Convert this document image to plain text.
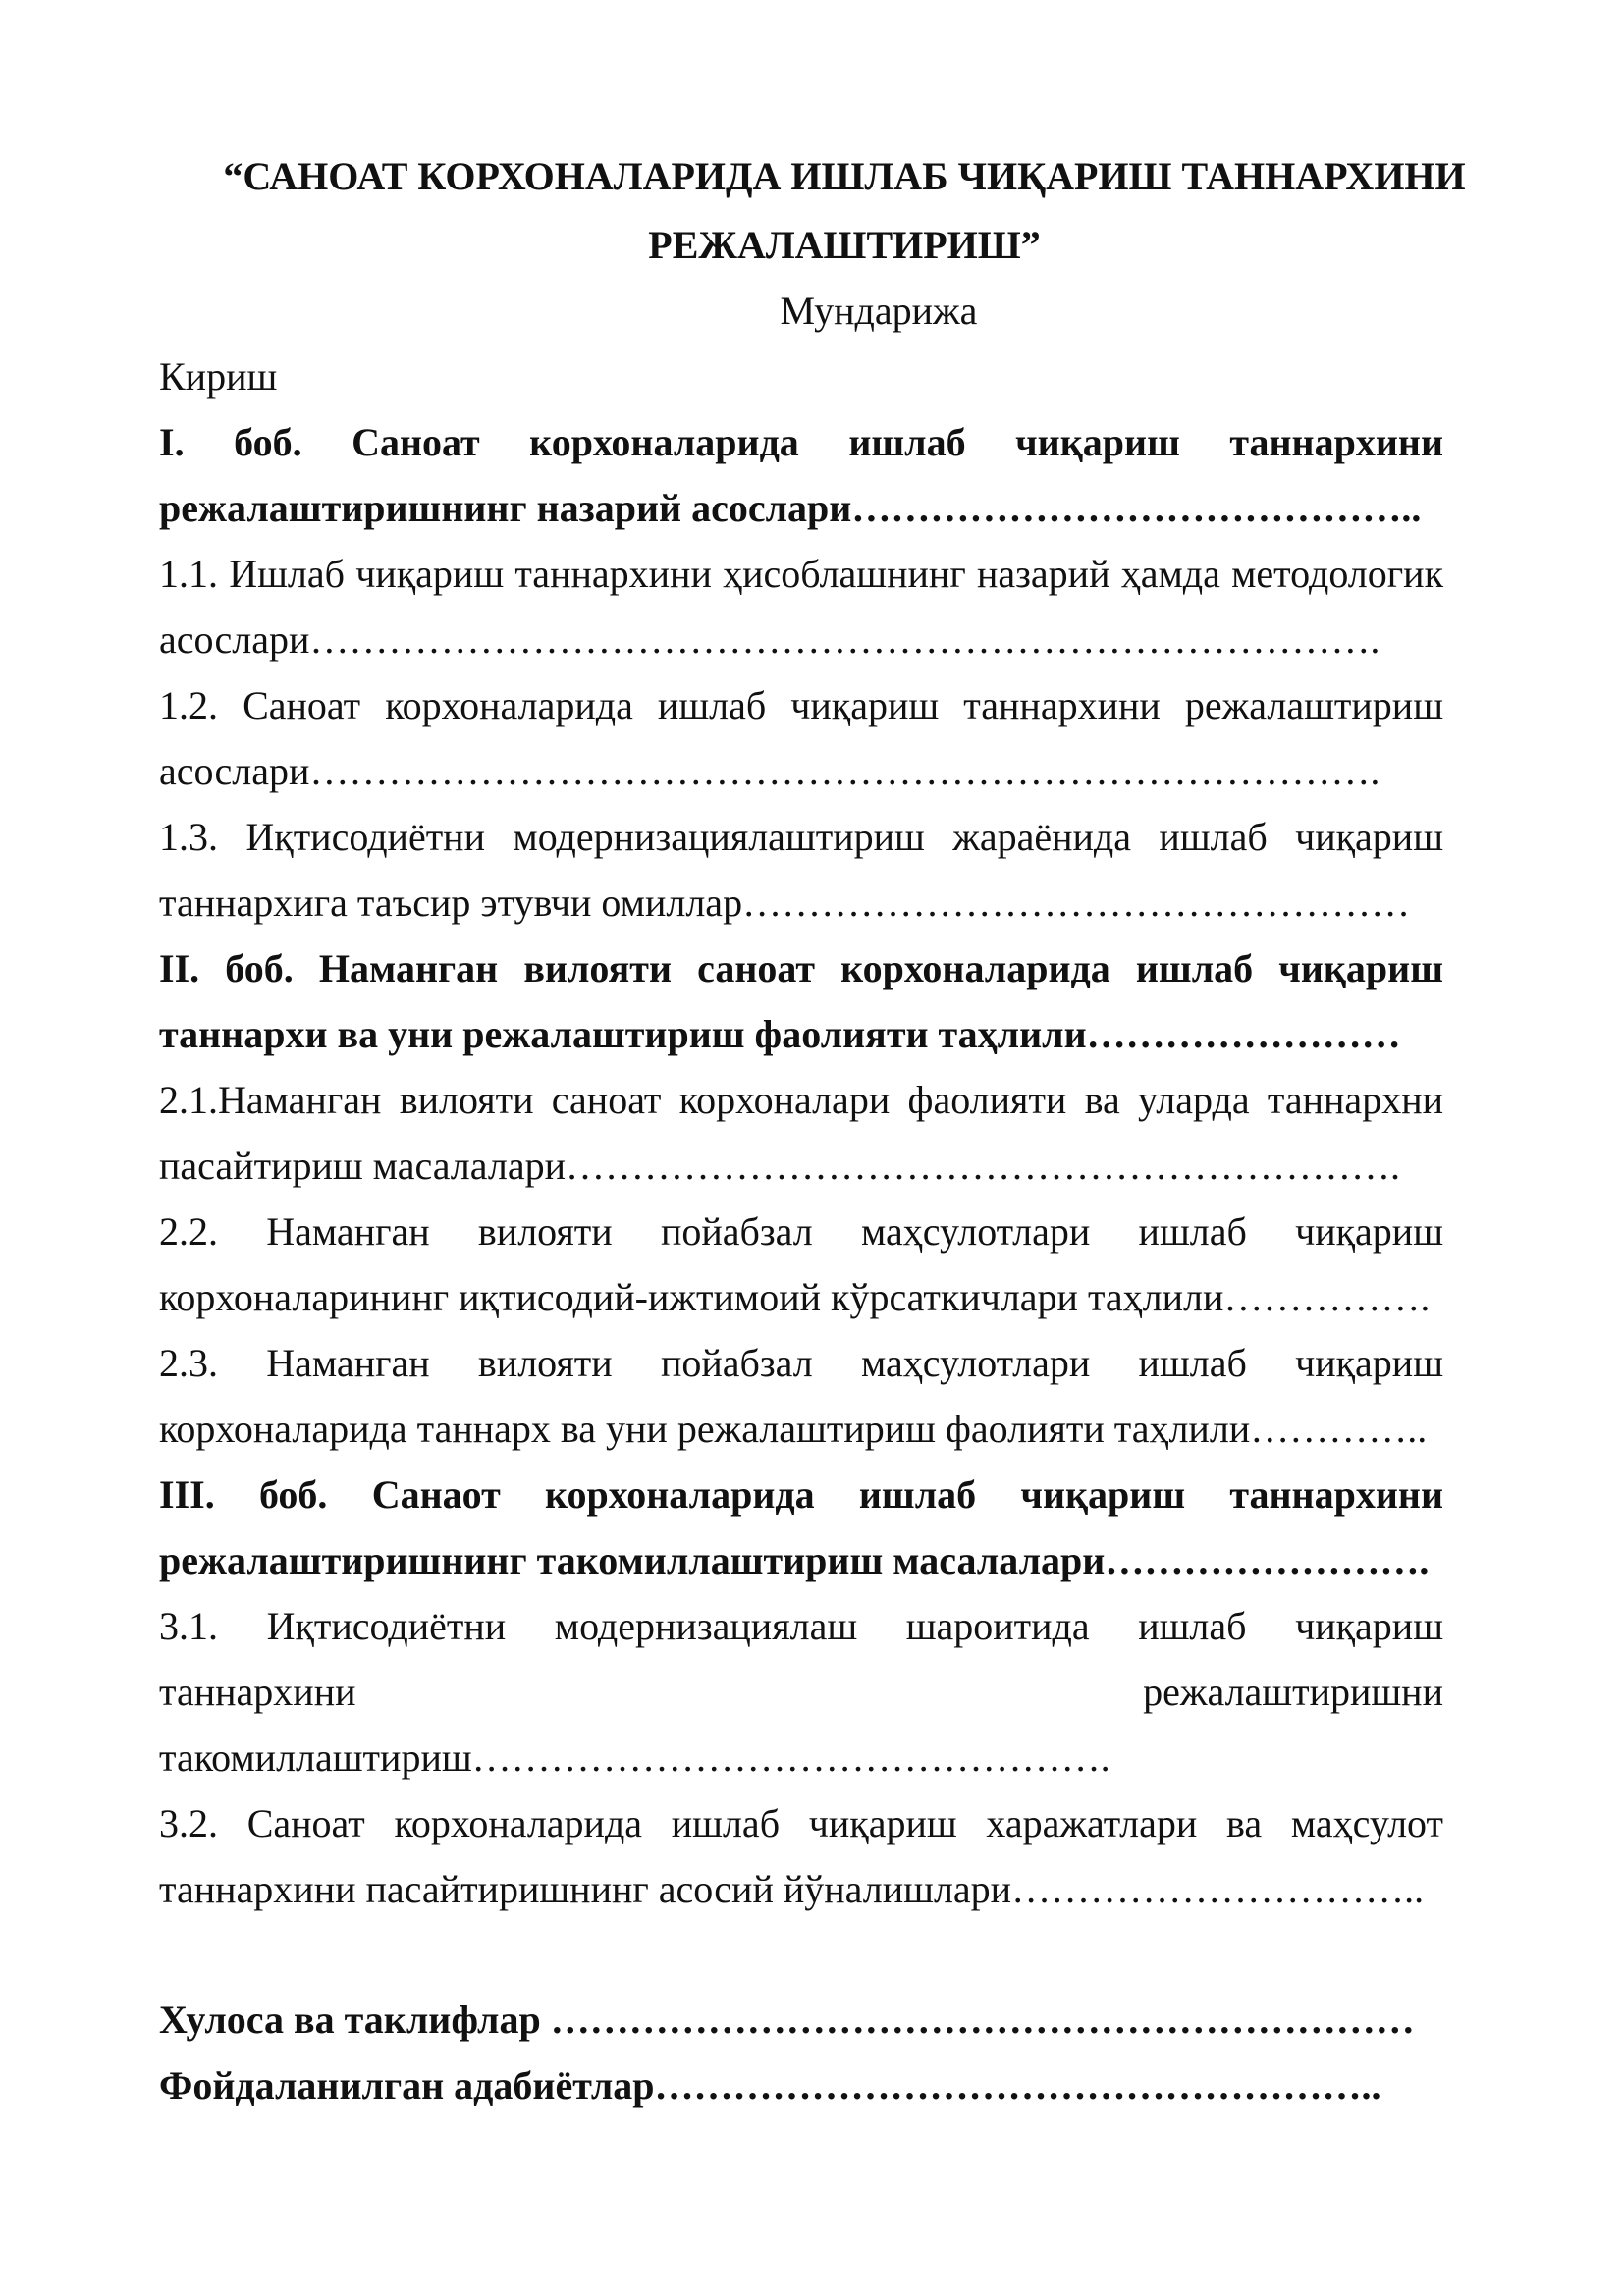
“САНОАТ КОРХОНАЛАРИДА ИШЛАБ ЧИҚАРИШ ТАННАРХИНИ
РЕЖАЛАШТИРИШ”
Мундарижа

Кириш

I. боб. Саноат корхоналарида ишлаб чиқариш таннархини режалаштиришнинг назарий асослари……………………………………..

1.1. Ишлаб чиқариш таннархини ҳисоблашнинг назарий ҳамда методологик асослари……………………………………………………………………….

1.2. Саноат корхоналарида ишлаб чиқариш таннархини режалаштириш асослари……………………………………………………………………….

1.3. Иқтисодиётни модернизациялаштириш жараёнида ишлаб чиқариш таннархига таъсир этувчи омиллар……………………………………………

II. боб. Наманган вилояти саноат корхоналарида ишлаб чиқариш таннархи ва уни режалаштириш фаолияти таҳлили……………………

2.1.Наманган вилояти саноат корхоналари фаолияти ва уларда таннархни пасайтириш масалалари……………………………………………………….

2.2. Наманган вилояти пойабзал маҳсулотлари ишлаб чиқариш корхоналарининг иқтисодий-ижтимоий кўрсаткичлари таҳлили…………….

2.3. Наманган вилояти пойабзал маҳсулотлари ишлаб чиқариш корхоналарида таннарх ва уни режалаштириш фаолияти таҳлили…………..

III. боб. Санаот корхоналарида ишлаб чиқариш таннархини режалаштиришнинг такомиллаштириш масалалари…………………….

3.1. Иқтисодиётни модернизациялаш шароитида ишлаб чиқариш таннархини режалаштиришни такомиллаштириш………………………………………….

3.2. Саноат корхоналарида ишлаб чиқариш харажатлари ва маҳсулот таннархини пасайтиришнинг асосий йўналишлари…………………………..

Хулоса ва таклифлар …………………………………………………………

Фойдаланилган адабиётлар………………………………………………..
